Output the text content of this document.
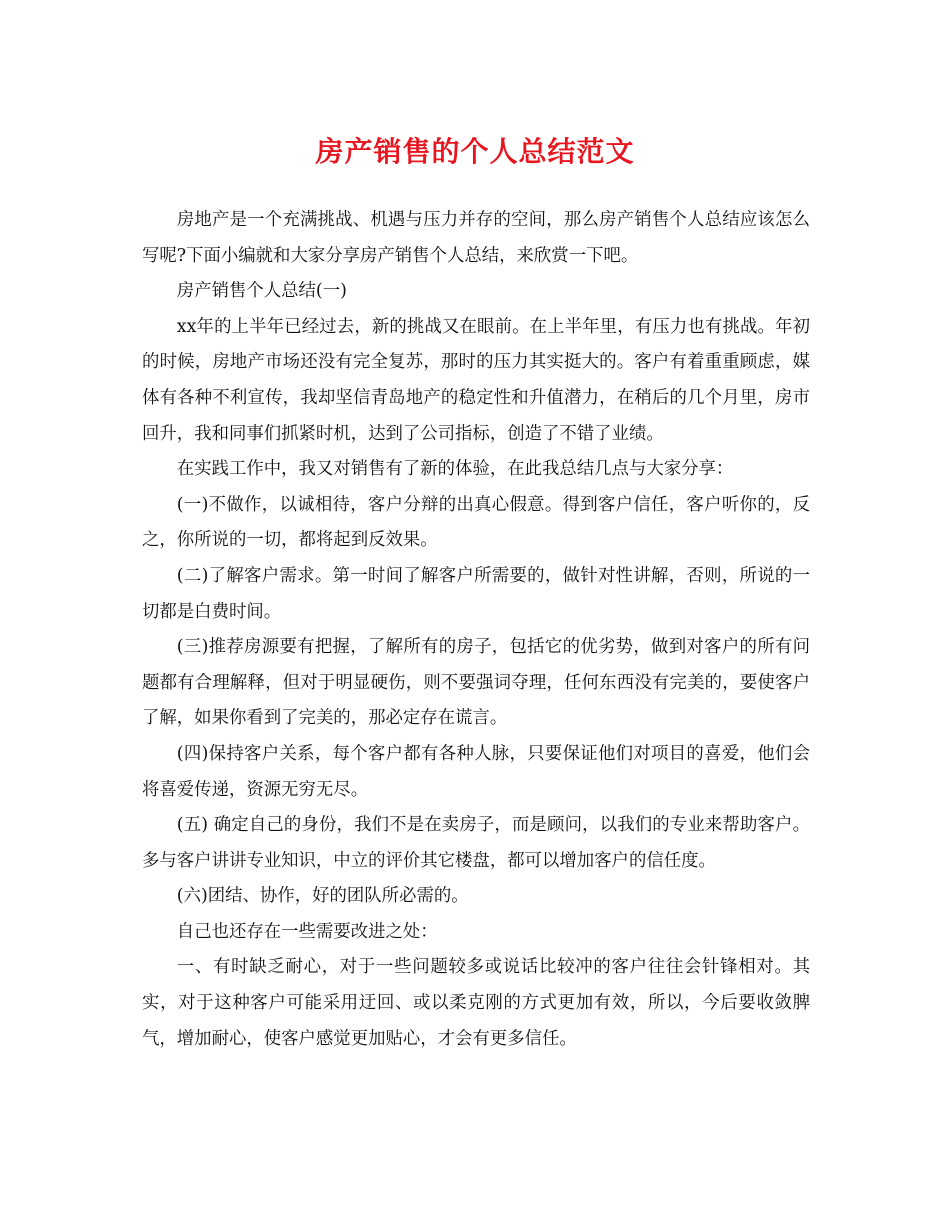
房产销售的个人总结范文

房地产是一个充满挑战、机遇与压力并存的空间，那么房产销售个人总结应该怎么写呢?下面小编就和大家分享房产销售个人总结，来欣赏一下吧。

房产销售个人总结(一)

xx年的上半年已经过去，新的挑战又在眼前。在上半年里，有压力也有挑战。年初的时候，房地产市场还没有完全复苏，那时的压力其实挺大的。客户有着重重顾虑，媒体有各种不利宣传，我却坚信青岛地产的稳定性和升值潜力，在稍后的几个月里，房市回升，我和同事们抓紧时机，达到了公司指标，创造了不错了业绩。

在实践工作中，我又对销售有了新的体验，在此我总结几点与大家分享：

(一)不做作，以诚相待，客户分辩的出真心假意。得到客户信任，客户听你的，反之，你所说的一切，都将起到反效果。

(二)了解客户需求。第一时间了解客户所需要的，做针对性讲解，否则，所说的一切都是白费时间。

(三)推荐房源要有把握，了解所有的房子，包括它的优劣势，做到对客户的所有问题都有合理解释，但对于明显硬伤，则不要强词夺理，任何东西没有完美的，要使客户了解，如果你看到了完美的，那必定存在谎言。

(四)保持客户关系，每个客户都有各种人脉，只要保证他们对项目的喜爱，他们会将喜爱传递，资源无穷无尽。

(五) 确定自己的身份，我们不是在卖房子，而是顾问，以我们的专业来帮助客户。多与客户讲讲专业知识，中立的评价其它楼盘，都可以增加客户的信任度。

(六)团结、协作，好的团队所必需的。

自己也还存在一些需要改进之处：

一、有时缺乏耐心，对于一些问题较多或说话比较冲的客户往往会针锋相对。其实，对于这种客户可能采用迂回、或以柔克刚的方式更加有效，所以，今后要收敛脾气，增加耐心，使客户感觉更加贴心，才会有更多信任。
